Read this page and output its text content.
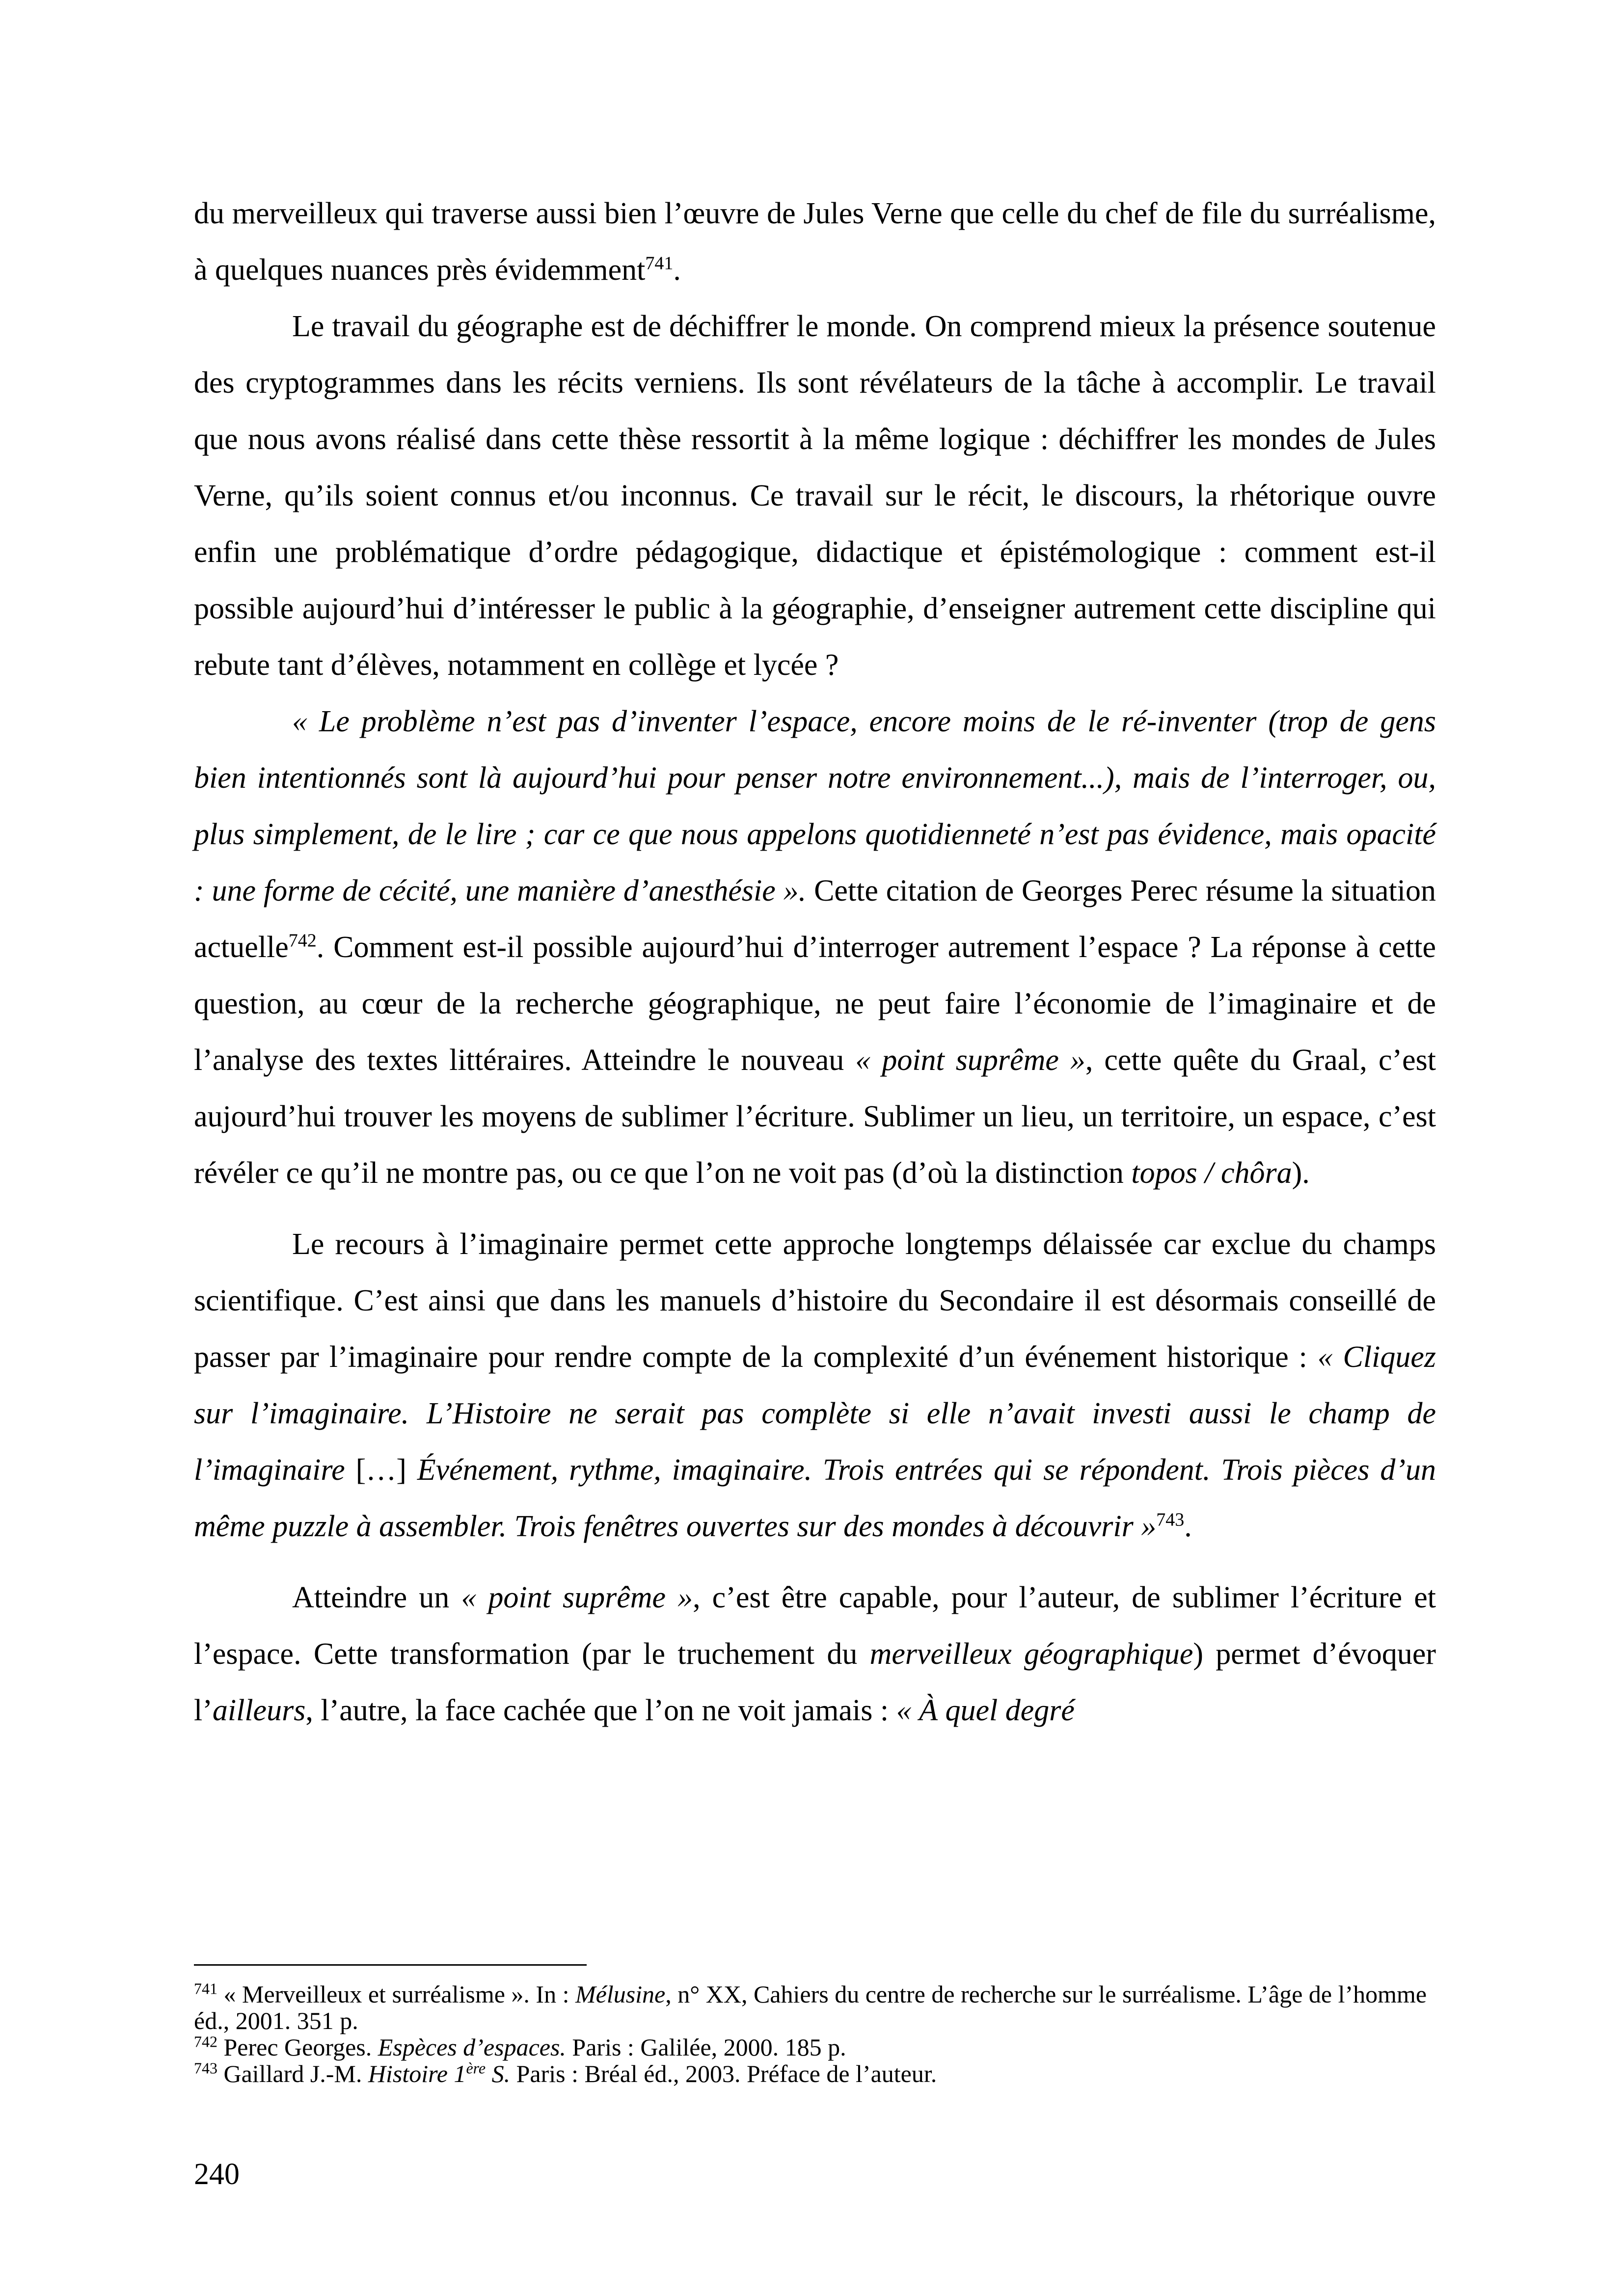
du merveilleux qui traverse aussi bien l’œuvre de Jules Verne que celle du chef de file du surréalisme, à quelques nuances près évidemment$^{741}$.

Le travail du géographe est de déchiffrer le monde. On comprend mieux la présence soutenue des cryptogrammes dans les récits verniens. Ils sont révélateurs de la tâche à accomplir. Le travail que nous avons réalisé dans cette thèse ressortit à la même logique : déchiffrer les mondes de Jules Verne, qu’ils soient connus et/ou inconnus. Ce travail sur le récit, le discours, la rhétorique ouvre enfin une problématique d’ordre pédagogique, didactique et épistémologique : comment est-il possible aujourd’hui d’intéresser le public à la géographie, d’enseigner autrement cette discipline qui rebute tant d’élèves, notamment en collège et lycée ?

« Le problème n’est pas d’inventer l’espace, encore moins de le ré-inventer (trop de gens bien intentionnés sont là aujourd’hui pour penser notre environnement...), mais de l’interroger, ou, plus simplement, de le lire ; car ce que nous appelons quotidienneté n’est pas évidence, mais opacité : une forme de cécité, une manière d’anesthésie ». Cette citation de Georges Perec résume la situation actuelle$^{742}$. Comment est-il possible aujourd’hui d’interroger autrement l’espace ? La réponse à cette question, au cœur de la recherche géographique, ne peut faire l’économie de l’imaginaire et de l’analyse des textes littéraires. Atteindre le nouveau « point suprême », cette quête du Graal, c’est aujourd’hui trouver les moyens de sublimer l’écriture. Sublimer un lieu, un territoire, un espace, c’est révéler ce qu’il ne montre pas, ou ce que l’on ne voit pas (d’où la distinction topos / chôra).

Le recours à l’imaginaire permet cette approche longtemps délaissée car exclue du champs scientifique. C’est ainsi que dans les manuels d’histoire du Secondaire il est désormais conseillé de passer par l’imaginaire pour rendre compte de la complexité d’un événement historique : « Cliquez sur l’imaginaire. L’Histoire ne serait pas complète si elle n’avait investi aussi le champ de l’imaginaire […] Événement, rythme, imaginaire. Trois entrées qui se répondent. Trois pièces d’un même puzzle à assembler. Trois fenêtres ouvertes sur des mondes à découvrir »$^{743}$.

Atteindre un « point suprême », c’est être capable, pour l’auteur, de sublimer l’écriture et l’espace. Cette transformation (par le truchement du merveilleux géographique) permet d’évoquer l’ailleurs, l’autre, la face cachée que l’on ne voit jamais : « À quel degré

$^{741}$ « Merveilleux et surréalisme ». In : Mélusine, n° XX, Cahiers du centre de recherche sur le surréalisme. L’âge de l’homme éd., 2001. 351 p.

$^{742}$ Perec Georges. Espèces d’espaces. Paris : Galilée, 2000. 185 p.

$^{743}$ Gaillard J.-M. Histoire 1ère S. Paris : Bréal éd., 2003. Préface de l’auteur.

240
